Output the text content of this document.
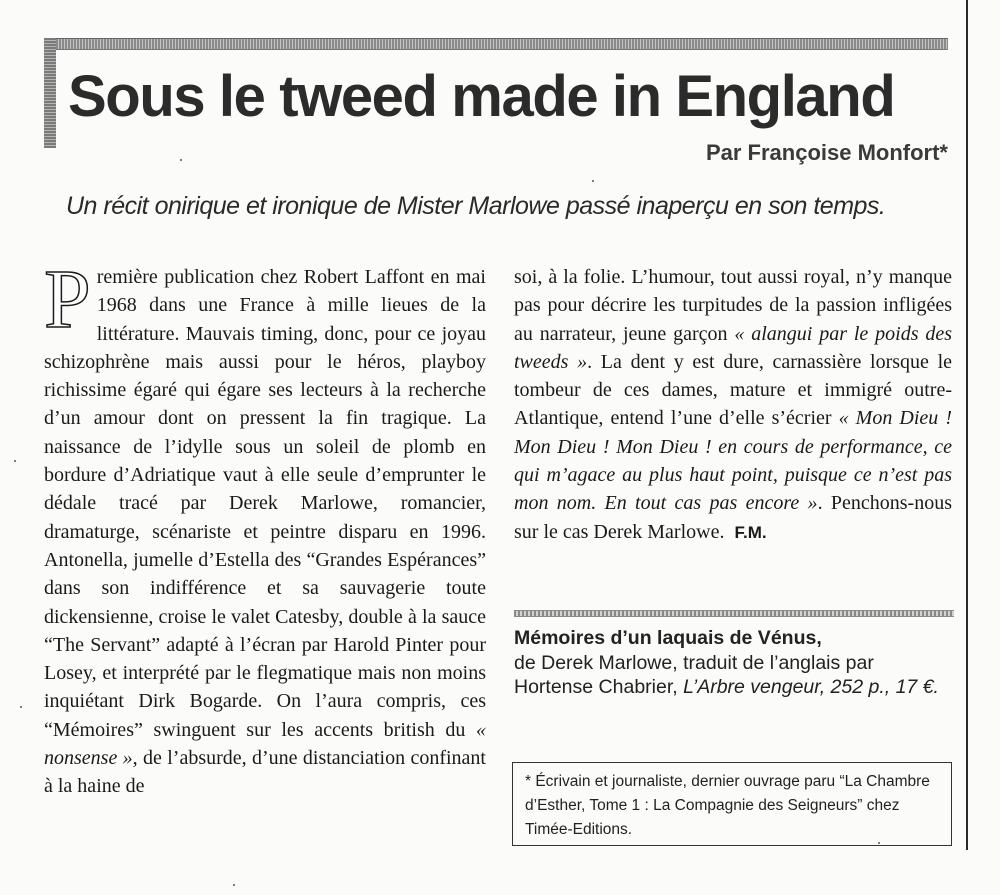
Sous le tweed made in England
Par Françoise Monfort*
Un récit onirique et ironique de Mister Marlowe passé inaperçu en son temps.

Première publication chez Robert Laffont en mai 1968 dans une France à mille lieues de la littérature. Mauvais timing, donc, pour ce joyau schizophrène mais aussi pour le héros, playboy richissime égaré qui égare ses lecteurs à la recherche d’un amour dont on pressent la fin tragique. La naissance de l’idylle sous un soleil de plomb en bordure d’Adriatique vaut à elle seule d’emprunter le dédale tracé par Derek Marlowe, romancier, dramaturge, scénariste et peintre disparu en 1996. Antonella, jumelle d’Estella des “Grandes Espérances” dans son indifférence et sa sauvagerie toute dickensienne, croise le valet Catesby, double à la sauce “The Servant” adapté à l’écran par Harold Pinter pour Losey, et interprété par le flegmatique mais non moins inquiétant Dirk Bogarde. On l’aura compris, ces “Mémoires” swinguent sur les accents british du « nonsense », de l’absurde, d’une distanciation confinant à la haine de

soi, à la folie. L’humour, tout aussi royal, n’y manque pas pour décrire les turpitudes de la passion infligées au narrateur, jeune garçon « alangui par le poids des tweeds ». La dent y est dure, carnassière lorsque le tombeur de ces dames, mature et immigré outre-Atlantique, entend l’une d’elle s’écrier « Mon Dieu ! Mon Dieu ! Mon Dieu ! en cours de performance, ce qui m’agace au plus haut point, puisque ce n’est pas mon nom. En tout cas pas encore ». Penchons-nous sur le cas Derek Marlowe. F.M.

Mémoires d’un laquais de Vénus,
de Derek Marlowe, traduit de l’anglais par Hortense Chabrier, L’Arbre vengeur, 252 p., 17 €.
* Écrivain et journaliste, dernier ouvrage paru “La Chambre d’Esther, Tome 1 : La Compagnie des Seigneurs” chez Timée-Editions.
